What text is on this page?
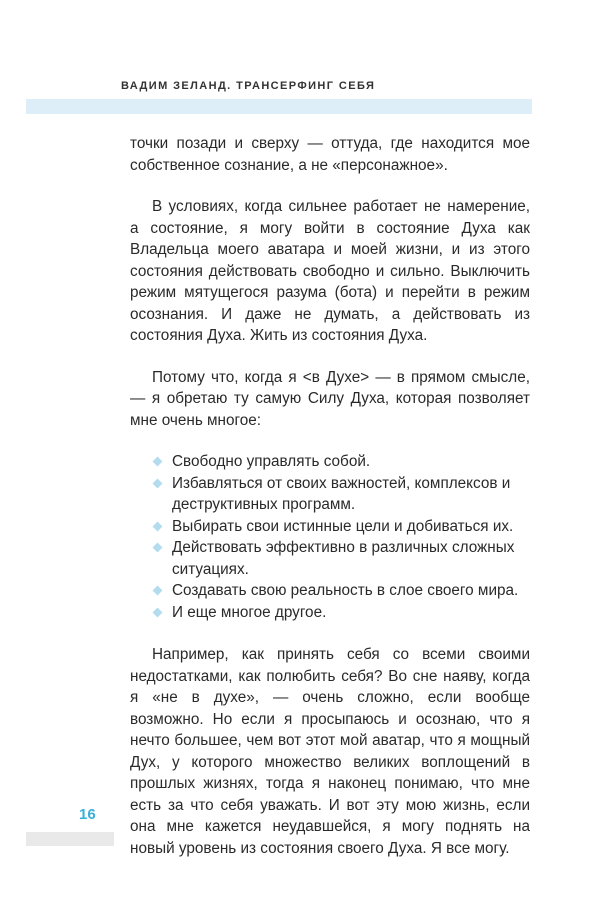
ВАДИМ ЗЕЛАНД. ТРАНСЕРФИНГ СЕБЯ

точки позади и сверху — оттуда, где находится мое собственное сознание, а не «персонажное».

В условиях, когда сильнее работает не намерение, а состояние, я могу войти в состояние Духа как Владельца моего аватара и моей жизни, и из этого состояния действовать свободно и сильно. Выключить режим мятущегося разума (бота) и перейти в режим осознания. И даже не думать, а действовать из состояния Духа. Жить из состояния Духа.

Потому что, когда я <в Духе> — в прямом смысле, — я обретаю ту самую Силу Духа, которая позволяет мне очень многое:

Свободно управлять собой.
Избавляться от своих важностей, комплексов и деструктивных программ.
Выбирать свои истинные цели и добиваться их.
Действовать эффективно в различных сложных ситуациях.
Создавать свою реальность в слое своего мира.
И еще многое другое.

Например, как принять себя со всеми своими недостатками, как полюбить себя? Во сне наяву, когда я «не в духе», — очень сложно, если вообще возможно. Но если я просыпаюсь и осознаю, что я нечто большее, чем вот этот мой аватар, что я мощный Дух, у которого множество великих воплощений в прошлых жизнях, тогда я наконец понимаю, что мне есть за что себя уважать. И вот эту мою жизнь, если она мне кажется неудавшейся, я могу поднять на новый уровень из состояния своего Духа. Я все могу.

16
